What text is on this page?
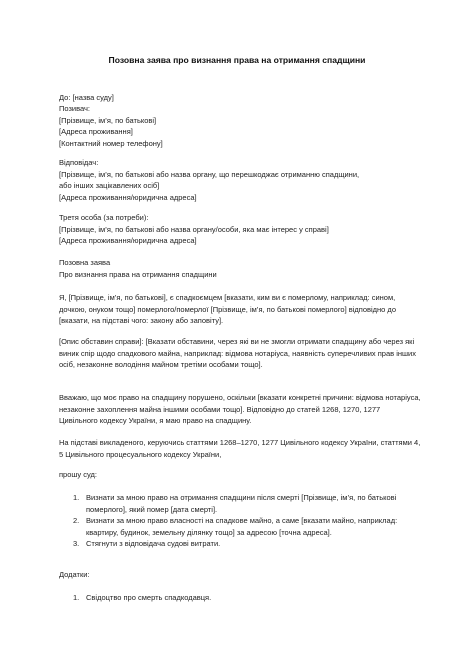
Позовна заява про визнання права на отримання спадщини
До: [назва суду]
Позивач:
[Прізвище, ім’я, по батькові]
[Адреса проживання]
[Контактний номер телефону]
Відповідач:
[Прізвище, ім’я, по батькові або назва органу, що перешкоджає отриманню спадщини,
або інших зацікавлених осіб]
[Адреса проживання/юридична адреса]
Третя особа (за потреби):
[Прізвище, ім’я, по батькові або назва органу/особи, яка має інтерес у справі]
[Адреса проживання/юридична адреса]
Позовна заява
Про визнання права на отримання спадщини
Я, [Прізвище, ім’я, по батькові], є спадкоємцем [вказати, ким ви є померлому, наприклад: сином, дочкою, онуком тощо] померлого/померлої [Прізвище, ім’я, по батькові померлого] відповідно до [вказати, на підставі чого: закону або заповіту].
[Опис обставин справи]: [Вказати обставини, через які ви не змогли отримати спадщину або через які виник спір щодо спадкового майна, наприклад: відмова нотаріуса, наявність суперечливих прав інших осіб, незаконне володіння майном третіми особами тощо].
Вважаю, що моє право на спадщину порушено, оскільки [вказати конкретні причини: відмова нотаріуса, незаконне захоплення майна іншими особами тощо]. Відповідно до статей 1268, 1270, 1277 Цивільного кодексу України, я маю право на спадщину.
На підставі викладеного, керуючись статтями 1268–1270, 1277 Цивільного кодексу України, статтями 4, 5 Цивільного процесуального кодексу України,
прошу суд:
1. Визнати за мною право на отримання спадщини після смерті [Прізвище, ім’я, по батькові померлого], який помер [дата смерті].
2. Визнати за мною право власності на спадкове майно, а саме [вказати майно, наприклад: квартиру, будинок, земельну ділянку тощо] за адресою [точна адреса].
3. Стягнути з відповідача судові витрати.
Додатки:
1. Свідоцтво про смерть спадкодавця.
